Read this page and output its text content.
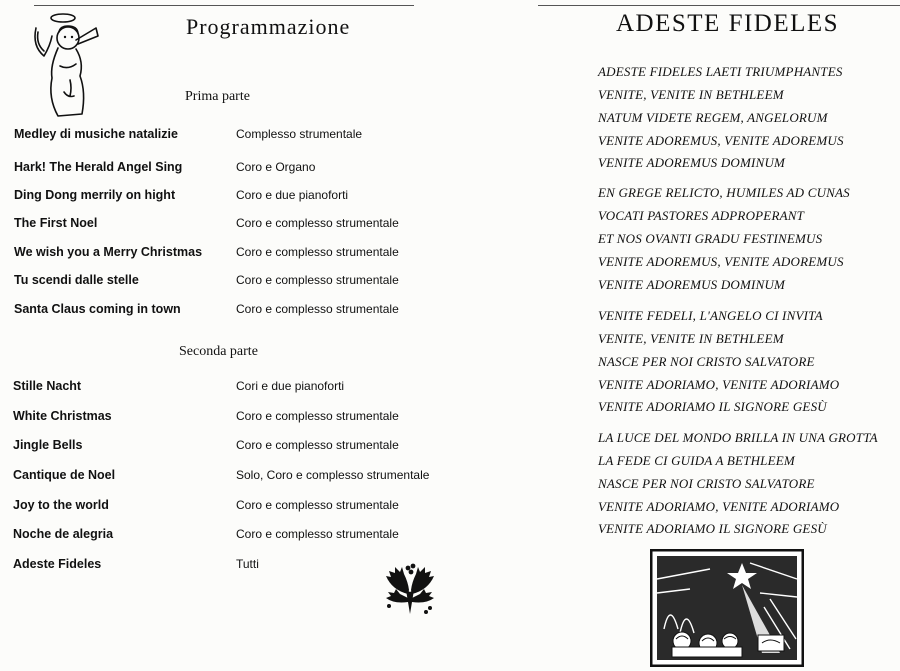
Programmazione
Prima parte
Medley di musiche natalizie	Complesso strumentale
Hark! The Herald Angel Sing	Coro e Organo
Ding Dong merrily on hight	Coro e due pianoforti
The First Noel	Coro e complesso strumentale
We wish you a Merry Christmas	Coro e complesso strumentale
Tu scendi dalle stelle	Coro e complesso strumentale
Santa Claus coming in town	Coro e complesso strumentale
Seconda parte
Stille Nacht	Cori e due pianoforti
White Christmas	Coro e complesso strumentale
Jingle Bells	Coro e complesso strumentale
Cantique de Noel	Solo, Coro e complesso strumentale
Joy to the world	Coro e complesso strumentale
Noche de alegria	Coro e complesso strumentale
Adeste Fideles	Tutti
ADESTE FIDELES
ADESTE FIDELES LAETI TRIUMPHANTES
VENITE, VENITE IN BETHLEEM
NATUM VIDETE REGEM, ANGELORUM
VENITE ADOREMUS, VENITE ADOREMUS
VENITE ADOREMUS DOMINUM
EN GREGE RELICTO, HUMILES AD CUNAS
VOCATI PASTORES ADPROPERANT
ET NOS OVANTI GRADU FESTINEMUS
VENITE ADOREMUS, VENITE ADOREMUS
VENITE ADOREMUS DOMINUM
VENITE FEDELI, L'ANGELO CI INVITA
VENITE, VENITE IN BETHLEEM
NASCE PER NOI CRISTO SALVATORE
VENITE ADORIAMO, VENITE ADORIAMO
VENITE ADORIAMO IL SIGNORE GESÙ
LA LUCE DEL MONDO BRILLA IN UNA GROTTA
LA FEDE CI GUIDA A BETHLEEM
NASCE PER NOI CRISTO SALVATORE
VENITE ADORIAMO, VENITE ADORIAMO
VENITE ADORIAMO IL SIGNORE GESÙ
